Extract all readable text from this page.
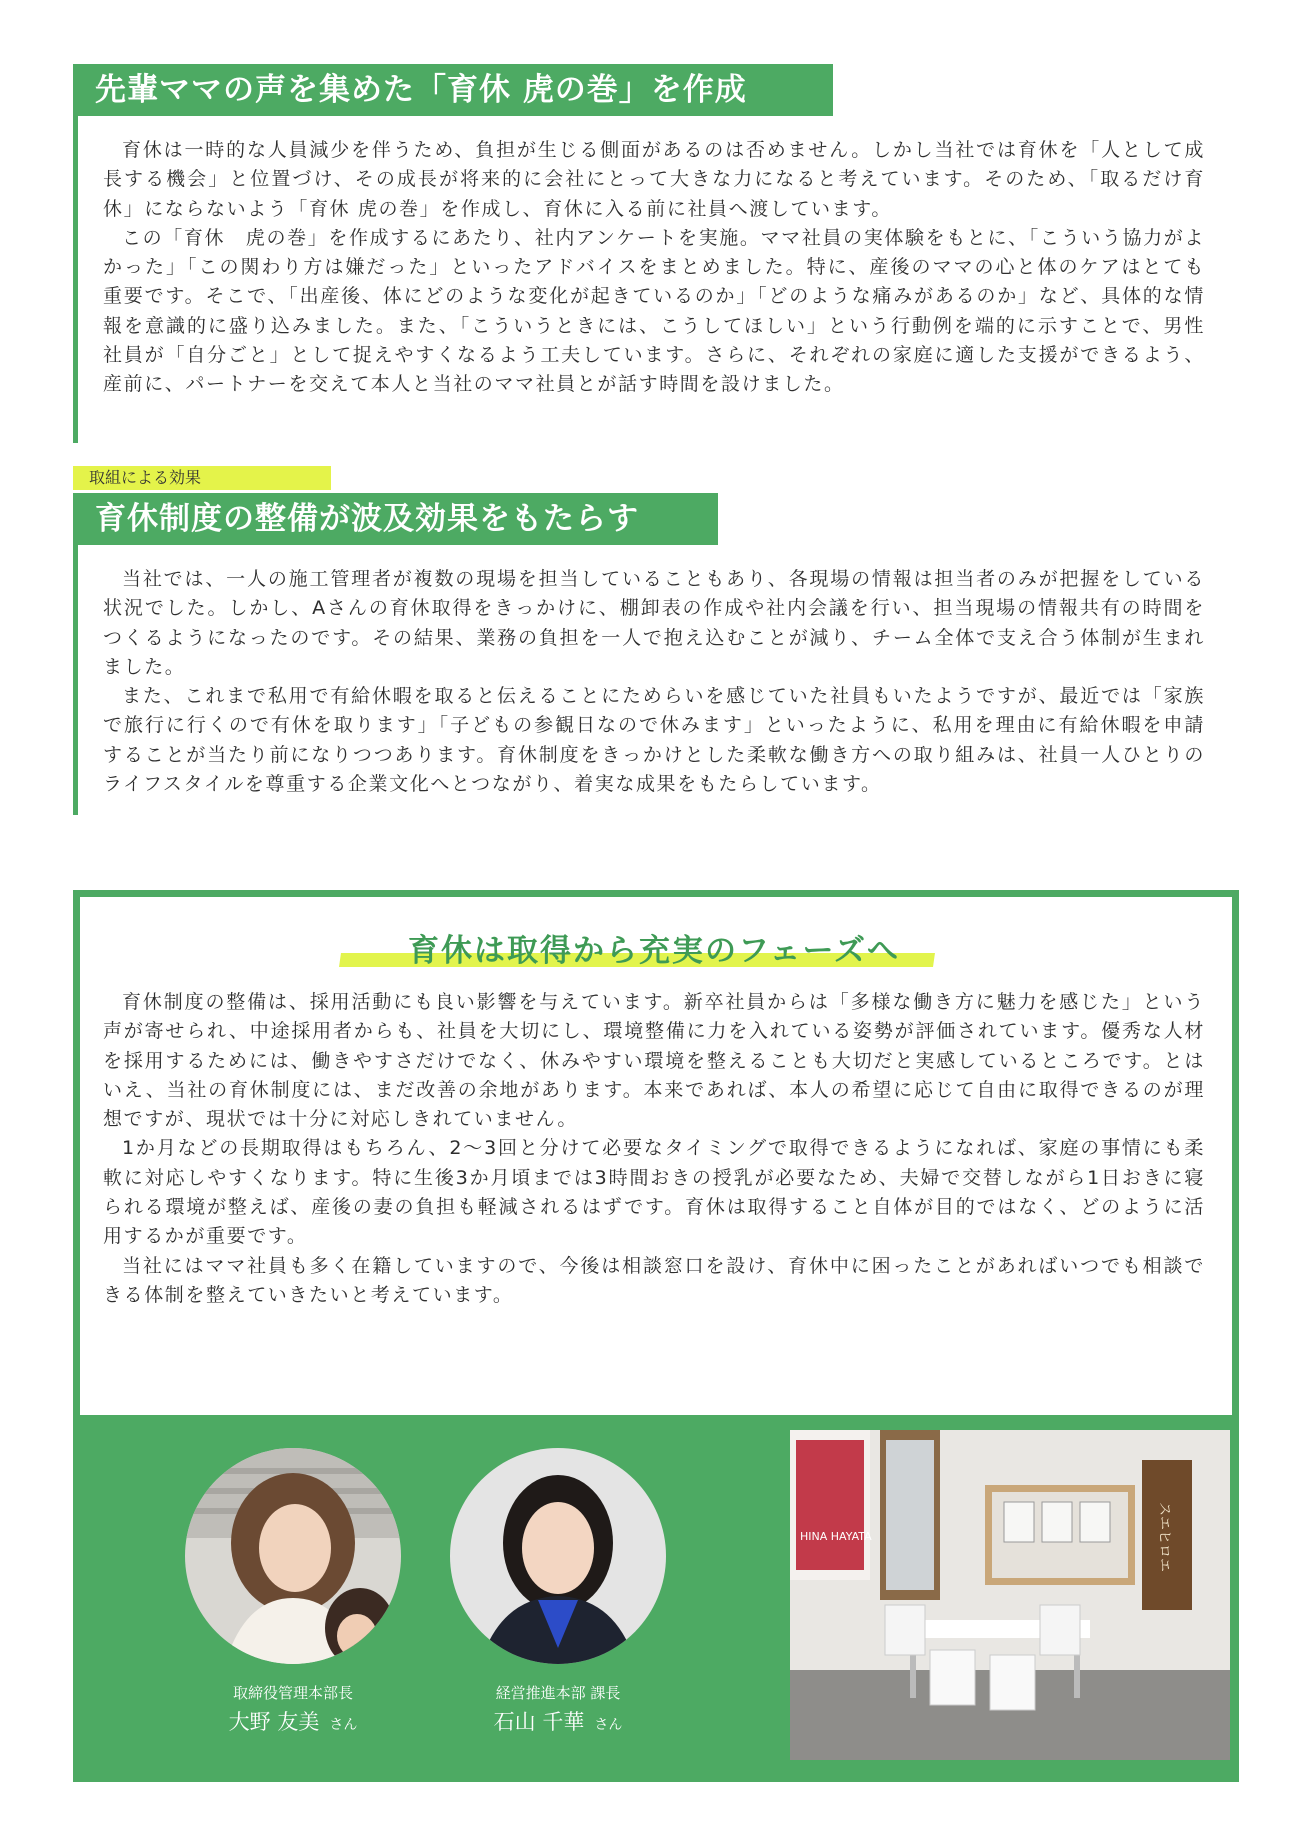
先輩ママの声を集めた「育休 虎の巻」を作成

育休は一時的な人員減少を伴うため、負担が生じる側面があるのは否めません。しかし当社では育休を「人として成長する機会」と位置づけ、その成長が将来的に会社にとって大きな力になると考えています。そのため、「取るだけ育休」にならないよう「育休 虎の巻」を作成し、育休に入る前に社員へ渡しています。

この「育休　虎の巻」を作成するにあたり、社内アンケートを実施。ママ社員の実体験をもとに、「こういう協力がよかった」「この関わり方は嫌だった」といったアドバイスをまとめました。特に、産後のママの心と体のケアはとても重要です。そこで、「出産後、体にどのような変化が起きているのか」「どのような痛みがあるのか」など、具体的な情報を意識的に盛り込みました。また、「こういうときには、こうしてほしい」という行動例を端的に示すことで、男性社員が「自分ごと」として捉えやすくなるよう工夫しています。さらに、それぞれの家庭に適した支援ができるよう、産前に、パートナーを交えて本人と当社のママ社員とが話す時間を設けました。

取組による効果
育休制度の整備が波及効果をもたらす

当社では、一人の施工管理者が複数の現場を担当していることもあり、各現場の情報は担当者のみが把握をしている状況でした。しかし、Aさんの育休取得をきっかけに、棚卸表の作成や社内会議を行い、担当現場の情報共有の時間をつくるようになったのです。その結果、業務の負担を一人で抱え込むことが減り、チーム全体で支え合う体制が生まれました。

また、これまで私用で有給休暇を取ると伝えることにためらいを感じていた社員もいたようですが、最近では「家族で旅行に行くので有休を取ります」「子どもの参観日なので休みます」といったように、私用を理由に有給休暇を申請することが当たり前になりつつあります。育休制度をきっかけとした柔軟な働き方への取り組みは、社員一人ひとりのライフスタイルを尊重する企業文化へとつながり、着実な成果をもたらしています。

育休は取得から充実のフェーズへ

育休制度の整備は、採用活動にも良い影響を与えています。新卒社員からは「多様な働き方に魅力を感じた」という声が寄せられ、中途採用者からも、社員を大切にし、環境整備に力を入れている姿勢が評価されています。優秀な人材を採用するためには、働きやすさだけでなく、休みやすい環境を整えることも大切だと実感しているところです。とはいえ、当社の育休制度には、まだ改善の余地があります。本来であれば、本人の希望に応じて自由に取得できるのが理想ですが、現状では十分に対応しきれていません。

1か月などの長期取得はもちろん、2〜3回と分けて必要なタイミングで取得できるようになれば、家庭の事情にも柔軟に対応しやすくなります。特に生後3か月頃までは3時間おきの授乳が必要なため、夫婦で交替しながら1日おきに寝られる環境が整えば、産後の妻の負担も軽減されるはずです。育休は取得すること自体が目的ではなく、どのように活用するかが重要です。

当社にはママ社員も多く在籍していますので、今後は相談窓口を設け、育休中に困ったことがあればいつでも相談できる体制を整えていきたいと考えています。

取締役管理本部長
大野 友美 さん
経営推進本部 課長
石山 千華 さん
HINA HAYATA	スエヒロエ
